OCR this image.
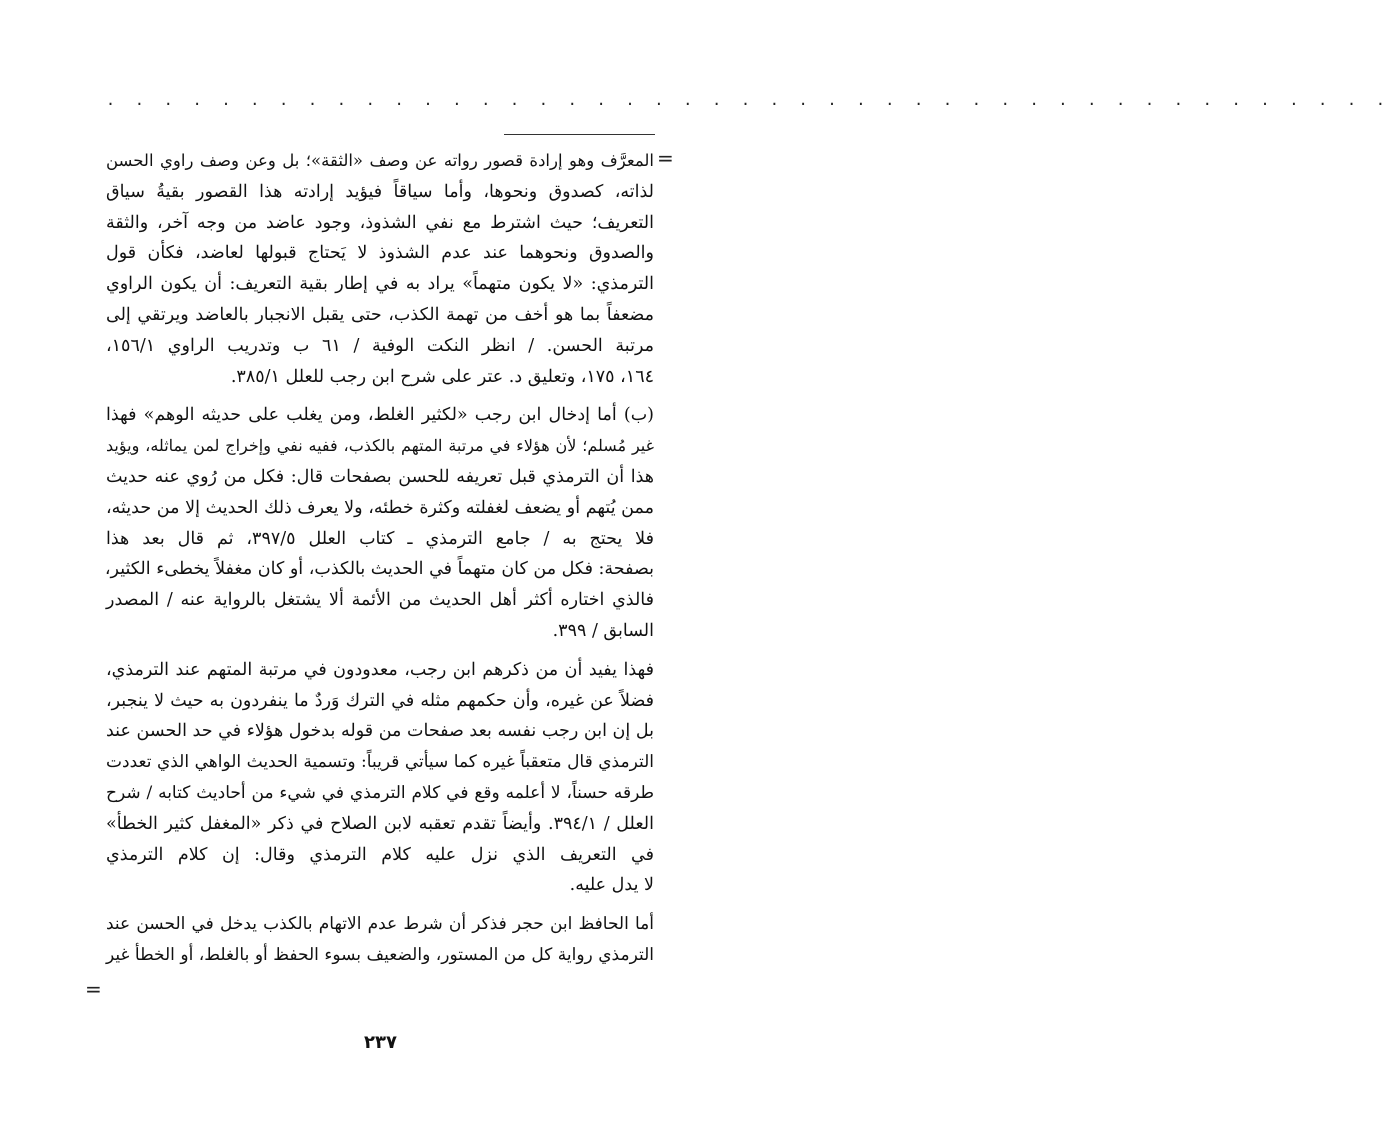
. . . . . . . . . . . . . . . . . . . . . . . . . . . . . . . . . . . . . . . . . . . . .
=
المعرَّف وهو إرادة قصور رواته عن وصف «الثقة»؛ بل وعن وصف راوي الحسن
لذاته، كصدوق ونحوها، وأما سياقاً فيؤيد إرادته هذا القصور بقيةُ سياق
التعريف؛ حيث اشترط مع نفي الشذوذ، وجود عاضد من وجه آخر، والثقة
والصدوق ونحوهما عند عدم الشذوذ لا يَحتاج قبولها لعاضد، فكأن قول
الترمذي: «لا يكون متهماً» يراد به في إطار بقية التعريف: أن يكون الراوي
مضعفاً بما هو أخف من تهمة الكذب، حتى يقبل الانجبار بالعاضد ويرتقي إلى
مرتبة الحسن. / انظر النكت الوفية / ٦١ ب وتدريب الراوي ١٥٦/١،
١٦٤، ١٧٥، وتعليق د. عتر على شرح ابن رجب للعلل ٣٨٥/١.
(ب) أما إدخال ابن رجب «لكثير الغلط، ومن يغلب على حديثه الوهم» فهذا
غير مُسلم؛ لأن هؤلاء في مرتبة المتهم بالكذب، ففيه نفي وإخراج لمن يماثله، ويؤيد
هذا أن الترمذي قبل تعريفه للحسن بصفحات قال: فكل من رُوي عنه حديث
ممن يُتهم أو يضعف لغفلته وكثرة خطئه، ولا يعرف ذلك الحديث إلا من حديثه،
فلا يحتج به / جامع الترمذي ـ كتاب العلل ٣٩٧/٥، ثم قال بعد هذا
بصفحة: فكل من كان متهماً في الحديث بالكذب، أو كان مغفلاً يخطىء الكثير،
فالذي اختاره أكثر أهل الحديث من الأئمة ألا يشتغل بالرواية عنه / المصدر
السابق / ٣٩٩.
فهذا يفيد أن من ذكرهم ابن رجب، معدودون في مرتبة المتهم عند الترمذي،
فضلاً عن غيره، وأن حكمهم مثله في الترك وَردٌ ما ينفردون به حيث لا ينجبر،
بل إن ابن رجب نفسه بعد صفحات من قوله بدخول هؤلاء في حد الحسن عند
الترمذي قال متعقباً غيره كما سيأتي قريباً: وتسمية الحديث الواهي الذي تعددت
طرقه حسناً، لا أعلمه وقع في كلام الترمذي في شيء من أحاديث كتابه / شرح
العلل / ٣٩٤/١. وأيضاً تقدم تعقبه لابن الصلاح في ذكر «المغفل كثير الخطأ»
في التعريف الذي نزل عليه كلام الترمذي وقال: إن كلام الترمذي
لا يدل عليه.
أما الحافظ ابن حجر فذكر أن شرط عدم الاتهام بالكذب يدخل في الحسن عند
الترمذي رواية كل من المستور، والضعيف بسوء الحفظ أو بالغلط، أو الخطأ غير
=
٢٣٧
